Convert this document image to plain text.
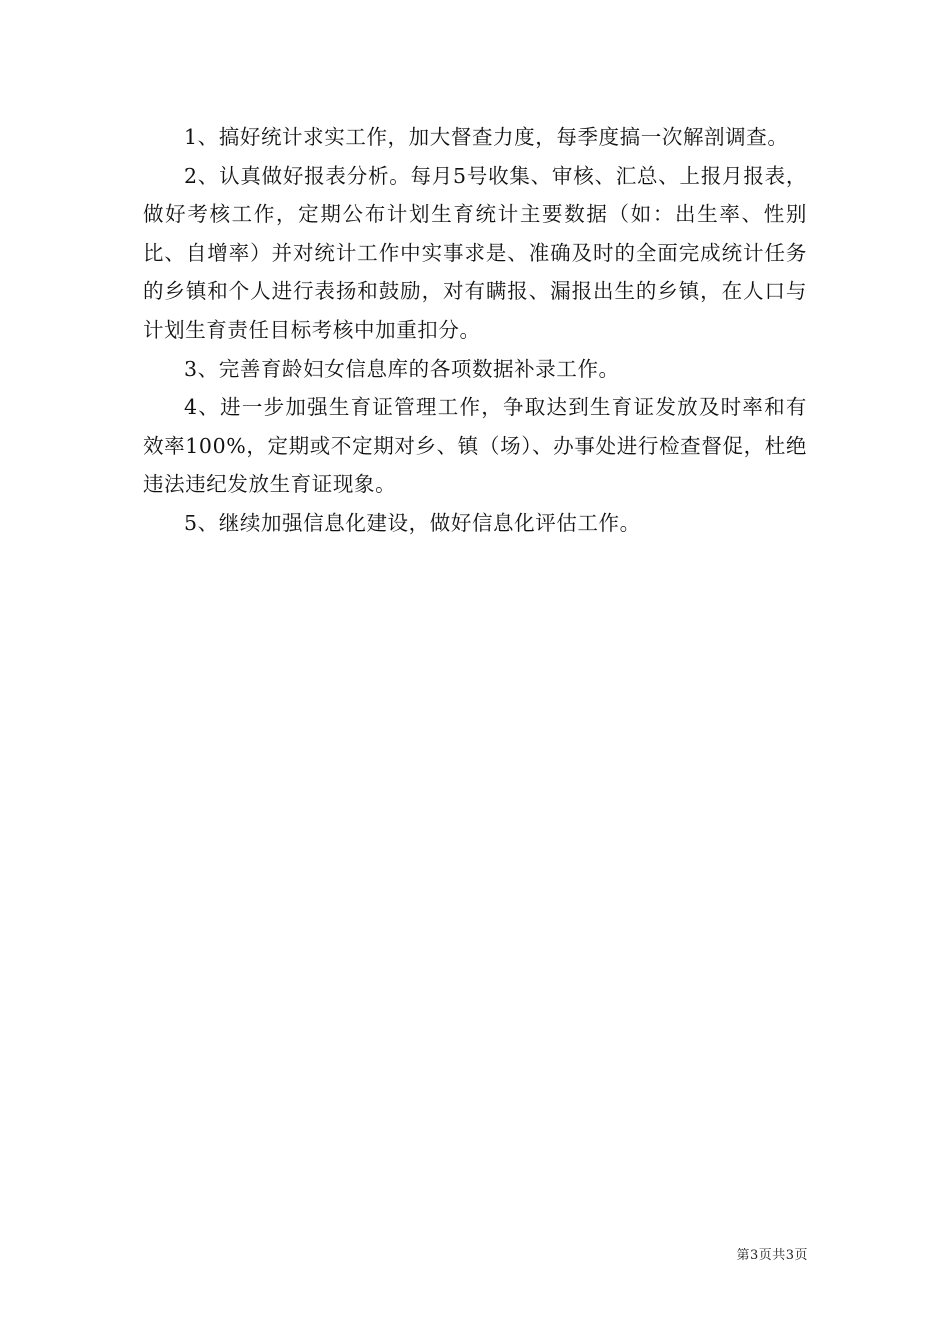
1、搞好统计求实工作，加大督查力度，每季度搞一次解剖调查。

2、认真做好报表分析。每月5号收集、审核、汇总、上报月报表，做好考核工作，定期公布计划生育统计主要数据（如：出生率、性别比、自增率）并对统计工作中实事求是、准确及时的全面完成统计任务的乡镇和个人进行表扬和鼓励，对有瞒报、漏报出生的乡镇，在人口与计划生育责任目标考核中加重扣分。

3、完善育龄妇女信息库的各项数据补录工作。

4、进一步加强生育证管理工作，争取达到生育证发放及时率和有效率100%，定期或不定期对乡、镇（场）、办事处进行检查督促，杜绝违法违纪发放生育证现象。

5、继续加强信息化建设，做好信息化评估工作。

第3页共3页
